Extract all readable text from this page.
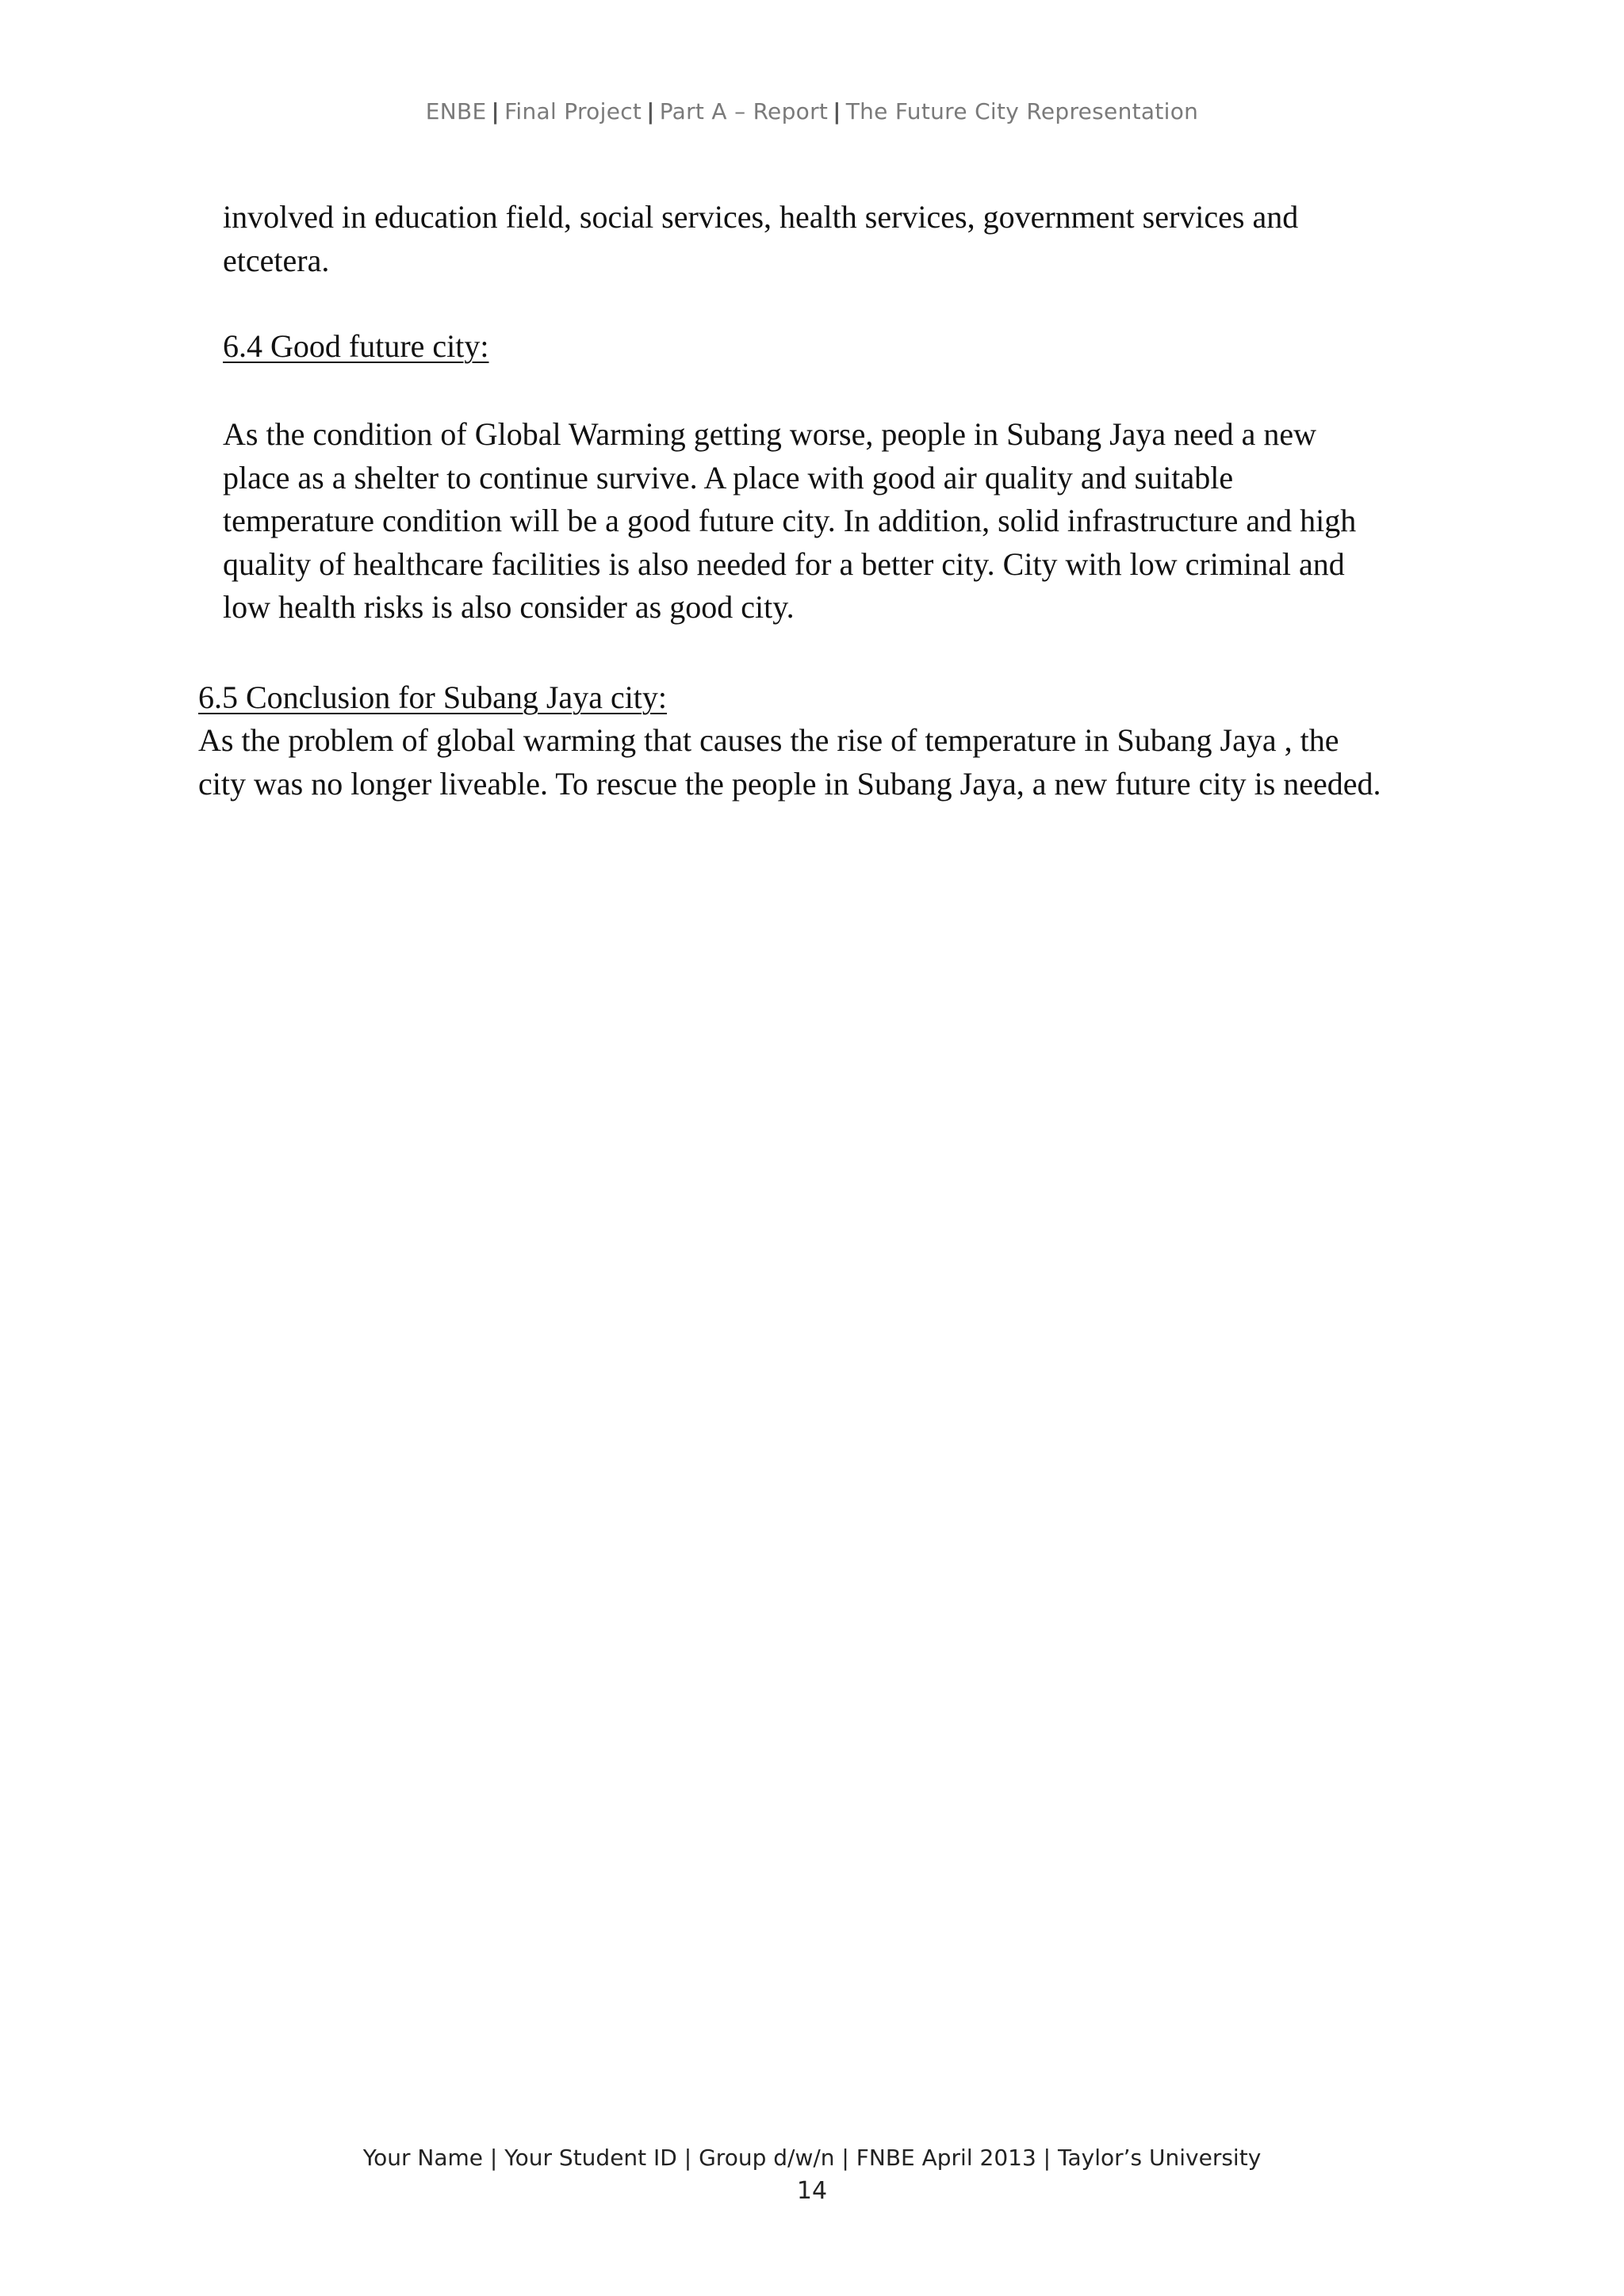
ENBE | Final Project | Part A – Report | The Future City Representation
involved in education field, social services, health services, government services and
etcetera.
6.4 Good future city:
As the condition of Global Warming getting worse, people in Subang Jaya need a new
place as a shelter to continue survive. A place with good air quality and suitable
temperature condition will be a good future city. In addition, solid infrastructure and high
quality of healthcare facilities is also needed for a better city. City with low criminal and
low health risks is also consider as good city.
6.5 Conclusion for Subang Jaya city:
As the problem of global warming that causes the rise of temperature in Subang Jaya , the
city was no longer liveable. To rescue the people in Subang Jaya, a new future city is needed.
Your Name | Your Student ID | Group d/w/n | FNBE April 2013 | Taylor’s University
14
